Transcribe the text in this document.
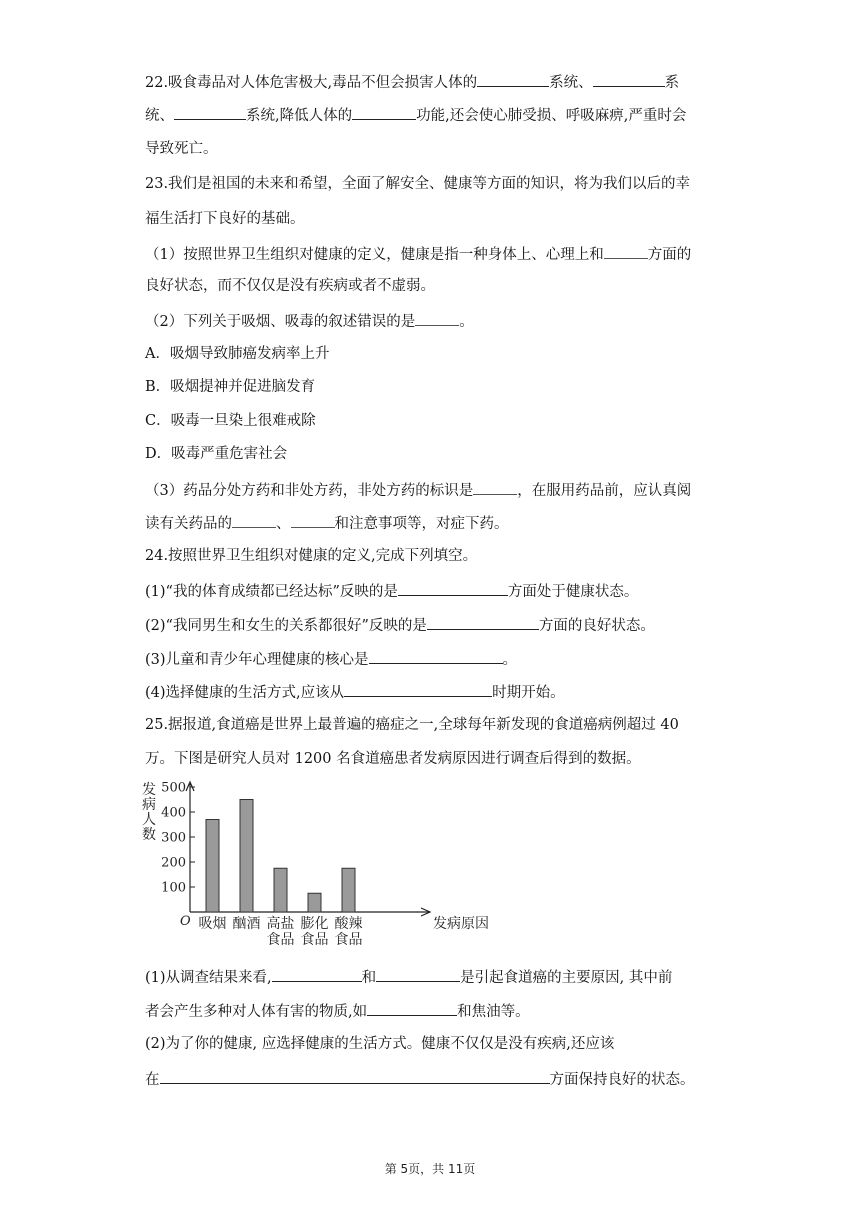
22.吸食毒品对人体危害极大,毒品不但会损害人体的	系统、	系
统、	系统,降低人体的	功能,还会使心肺受损、呼吸麻痹,严重时会
导致死亡。
23.我们是祖国的未来和希望，全面了解安全、健康等方面的知识，将为我们以后的幸
福生活打下良好的基础。
（1）按照世界卫生组织对健康的定义，健康是指一种身体上、心理上和	方面的
良好状态，而不仅仅是没有疾病或者不虚弱。
（2）下列关于吸烟、吸毒的叙述错误的是	。
A．吸烟导致肺癌发病率上升
B．吸烟提神并促进脑发育
C．吸毒一旦染上很难戒除
D．吸毒严重危害社会
（3）药品分处方药和非处方药，非处方药的标识是	，在服用药品前，应认真阅
读有关药品的	、	和注意事项等，对症下药。
24.按照世界卫生组织对健康的定义,完成下列填空。
(1)“我的体育成绩都已经达标”反映的是	方面处于健康状态。
(2)“我同男生和女生的关系都很好”反映的是	方面的良好状态。
(3)儿童和青少年心理健康的核心是	。
(4)选择健康的生活方式,应该从	时期开始。
25.据报道,食道癌是世界上最普遍的癌症之一,全球每年新发现的食道癌病例超过 40
万。下图是研究人员对 1200 名食道癌患者发病原因进行调查后得到的数据。
100
200
300
400
500
发
病
人
数
O 吸烟 酗酒 高盐
食品
膨化
食品
酸辣
食品
发病原因
(1)从调查结果来看,	和	是引起食道癌的主要原因, 其中前
者会产生多种对人体有害的物质,如	和焦油等。
(2)为了你的健康, 应选择健康的生活方式。健康不仅仅是没有疾病,还应该
在	方面保持良好的状态。
第 5页，共 11页
